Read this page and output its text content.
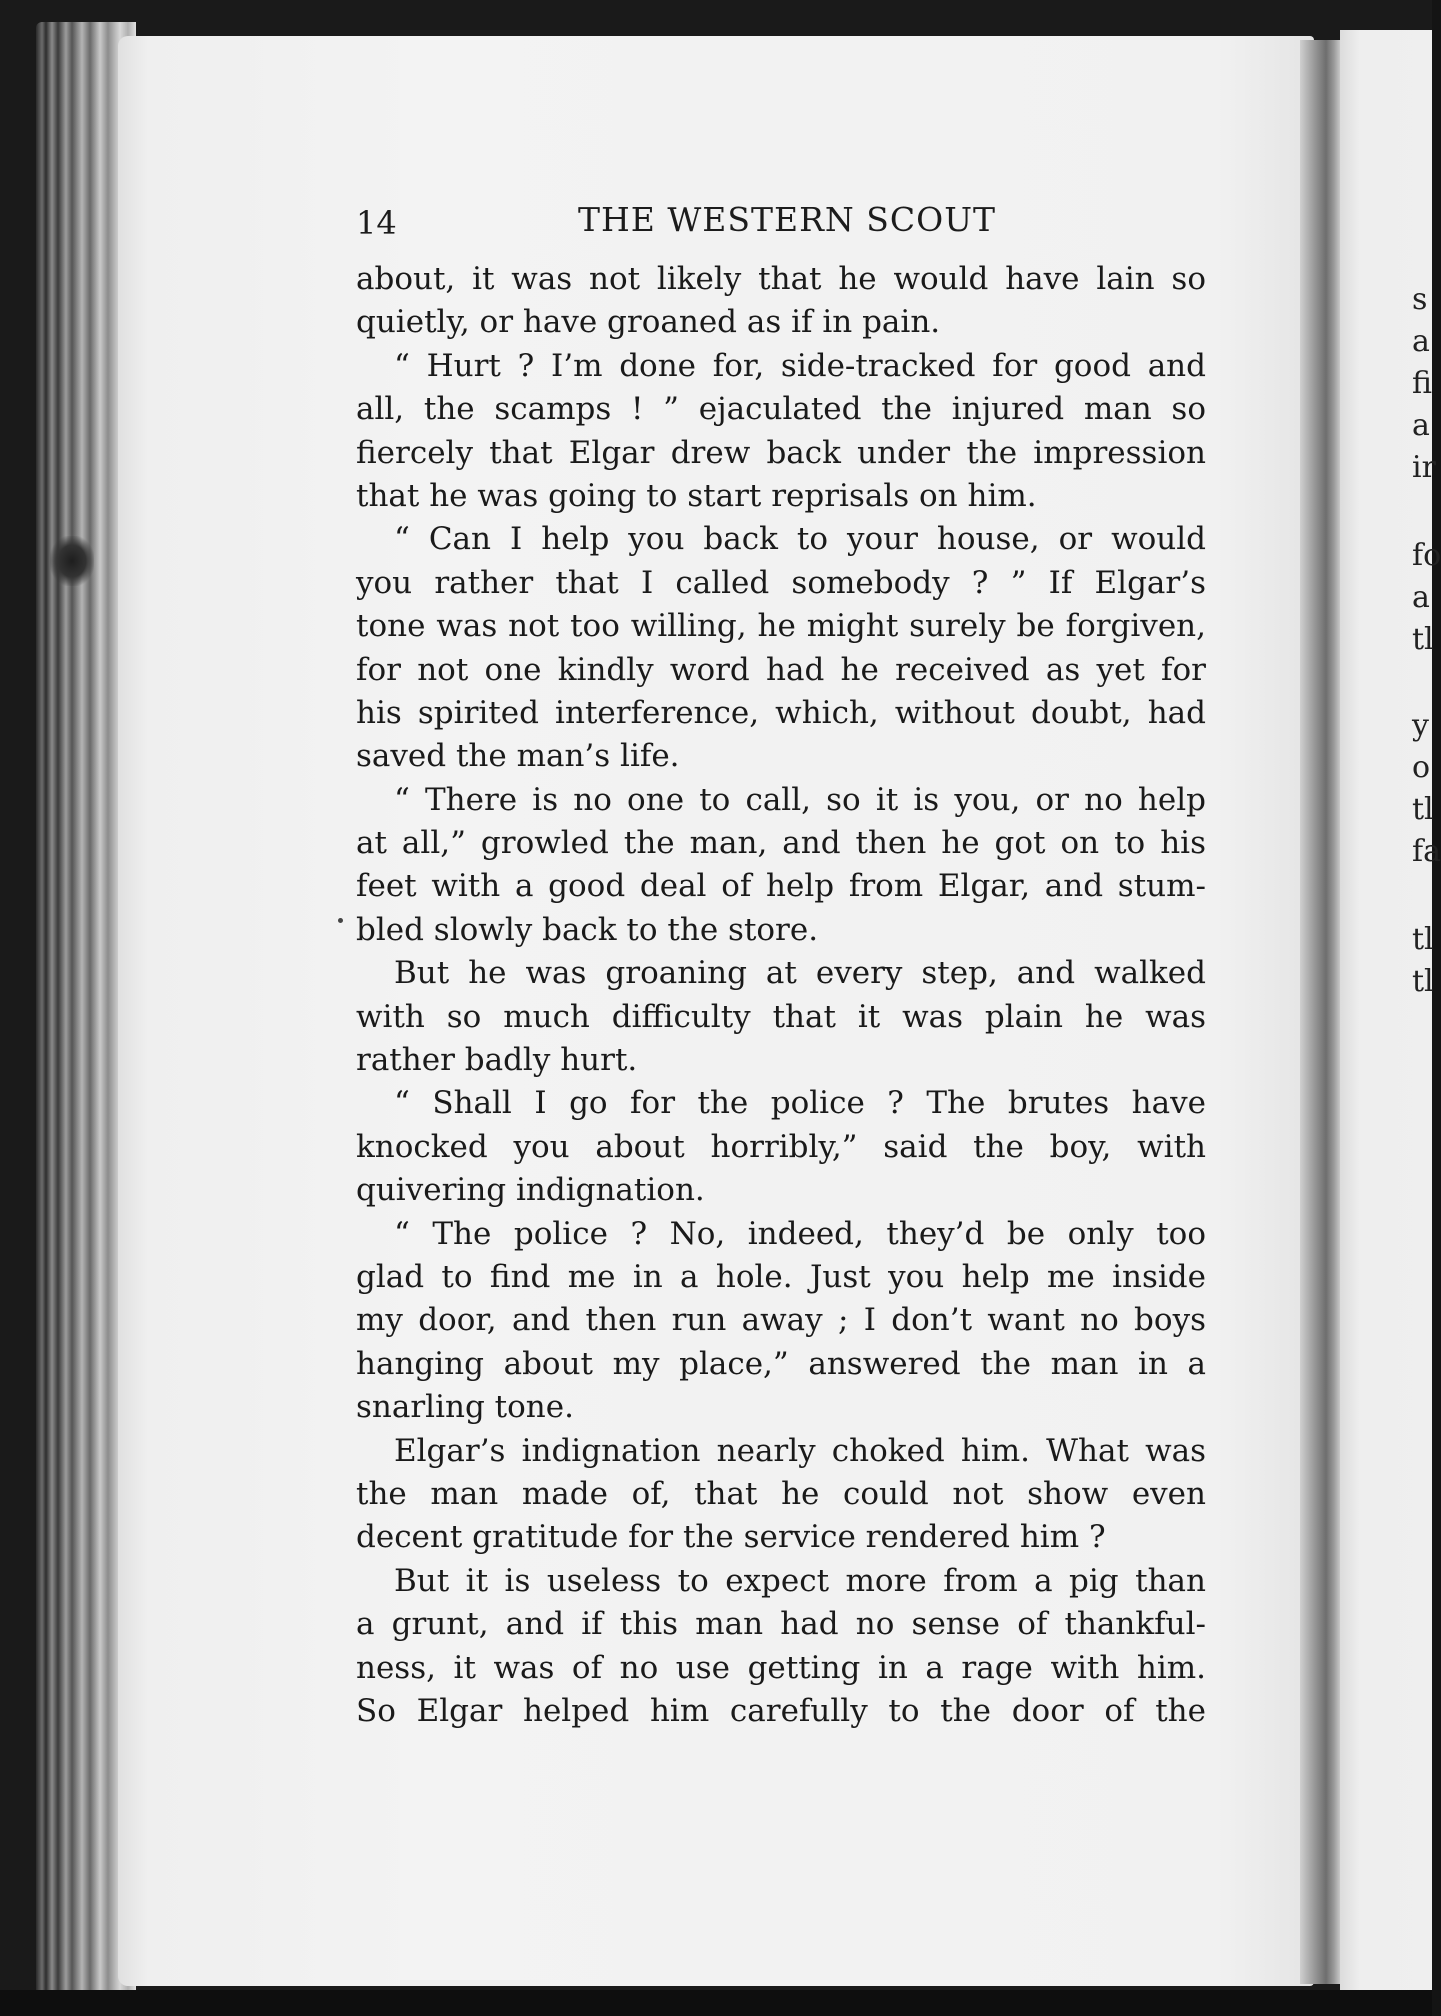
s
a
fi
a
ir
fo
a
tl
y
o
tl
fa
tl
tl
14	THE WESTERN SCOUT
about, it was not likely that he would have lain so
quietly, or have groaned as if in pain.
“ Hurt ? I’m done for, side-tracked for good and
all, the scamps ! ” ejaculated the injured man so
fiercely that Elgar drew back under the impression
that he was going to start reprisals on him.
“ Can I help you back to your house, or would
you rather that I called somebody ? ” If Elgar’s
tone was not too willing, he might surely be forgiven,
for not one kindly word had he received as yet for
his spirited interference, which, without doubt, had
saved the man’s life.
“ There is no one to call, so it is you, or no help
at all,” growled the man, and then he got on to his
feet with a good deal of help from Elgar, and stum-
bled slowly back to the store.
But he was groaning at every step, and walked
with so much difficulty that it was plain he was
rather badly hurt.
“ Shall I go for the police ? The brutes have
knocked you about horribly,” said the boy, with
quivering indignation.
“ The police ? No, indeed, they’d be only too
glad to find me in a hole. Just you help me inside
my door, and then run away ; I don’t want no boys
hanging about my place,” answered the man in a
snarling tone.
Elgar’s indignation nearly choked him. What was
the man made of, that he could not show even
decent gratitude for the service rendered him ?
But it is useless to expect more from a pig than
a grunt, and if this man had no sense of thankful-
ness, it was of no use getting in a rage with him.
So Elgar helped him carefully to the door of the
